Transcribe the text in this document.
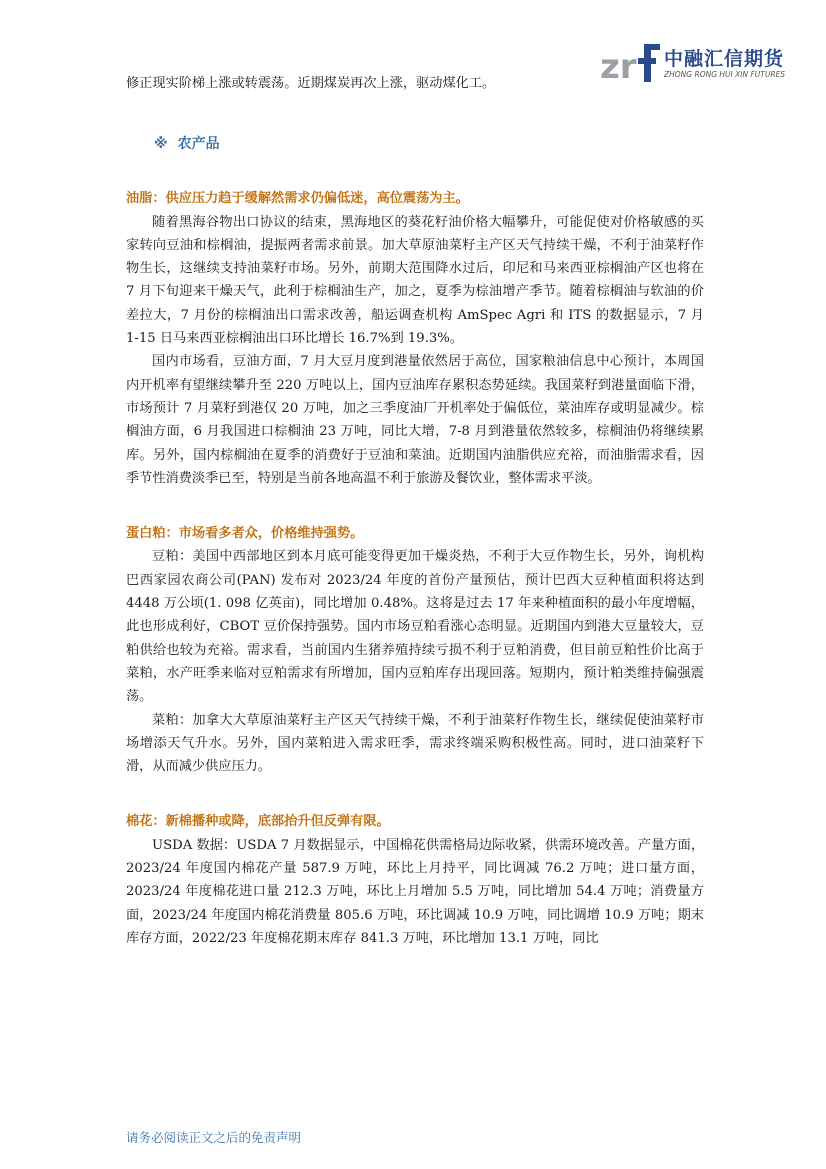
zr 中融汇信期货
ZHONG RONG HUI XIN FUTURES

修正现实阶梯上涨或转震荡。近期煤炭再次上涨，驱动煤化工。

※ 农产品

油脂：供应压力趋于缓解然需求仍偏低迷，高位震荡为主。

随着黑海谷物出口协议的结束，黑海地区的葵花籽油价格大幅攀升，可能促使对价格敏感的买家转向豆油和棕榈油，提振两者需求前景。加大草原油菜籽主产区天气持续干燥，不利于油菜籽作物生长，这继续支持油菜籽市场。另外，前期大范围降水过后，印尼和马来西亚棕榈油产区也将在 7 月下旬迎来干燥天气，此利于棕榈油生产，加之，夏季为棕油增产季节。随着棕榈油与软油的价差拉大，7 月份的棕榈油出口需求改善，船运调查机构 AmSpec Agri 和 ITS 的数据显示，7 月 1-15 日马来西亚棕榈油出口环比增长 16.7%到 19.3%。

国内市场看，豆油方面，7 月大豆月度到港量依然居于高位，国家粮油信息中心预计，本周国内开机率有望继续攀升至 220 万吨以上，国内豆油库存累积态势延续。我国菜籽到港量面临下滑，市场预计 7 月菜籽到港仅 20 万吨，加之三季度油厂开机率处于偏低位，菜油库存或明显减少。棕榈油方面，6 月我国进口棕榈油 23 万吨，同比大增，7-8 月到港量依然较多，棕榈油仍将继续累库。另外，国内棕榈油在夏季的消费好于豆油和菜油。近期国内油脂供应充裕，而油脂需求看，因季节性消费淡季已至，特别是当前各地高温不利于旅游及餐饮业，整体需求平淡。

蛋白粕：市场看多者众，价格维持强势。

豆粕：美国中西部地区到本月底可能变得更加干燥炎热，不利于大豆作物生长，另外，询机构巴西家园农商公司(PAN) 发布对 2023/24 年度的首份产量预估，预计巴西大豆种植面积将达到 4448 万公顷(1. 098 亿英亩)，同比增加 0.48%。这将是过去 17 年来种植面积的最小年度增幅，此也形成利好，CBOT 豆价保持强势。国内市场豆粕看涨心态明显。近期国内到港大豆量较大，豆粕供给也较为充裕。需求看，当前国内生猪养殖持续亏损不利于豆粕消费，但目前豆粕性价比高于菜粕，水产旺季来临对豆粕需求有所增加，国内豆粕库存出现回落。短期内，预计粕类维持偏强震荡。

菜粕：加拿大大草原油菜籽主产区天气持续干燥，不利于油菜籽作物生长，继续促使油菜籽市场增添天气升水。另外，国内菜粕进入需求旺季，需求终端采购积极性高。同时，进口油菜籽下滑，从而减少供应压力。

棉花：新棉播种或降，底部抬升但反弹有限。

USDA 数据：USDA 7 月数据显示，中国棉花供需格局边际收紧，供需环境改善。产量方面，2023/24 年度国内棉花产量 587.9 万吨，环比上月持平，同比调减 76.2 万吨；进口量方面，2023/24 年度棉花进口量 212.3 万吨，环比上月增加 5.5 万吨，同比增加 54.4 万吨；消费量方面，2023/24 年度国内棉花消费量 805.6 万吨，环比调减 10.9 万吨，同比调增 10.9 万吨；期末库存方面，2022/23 年度棉花期末库存 841.3 万吨，环比增加 13.1 万吨，同比

请务必阅读正文之后的免责声明
